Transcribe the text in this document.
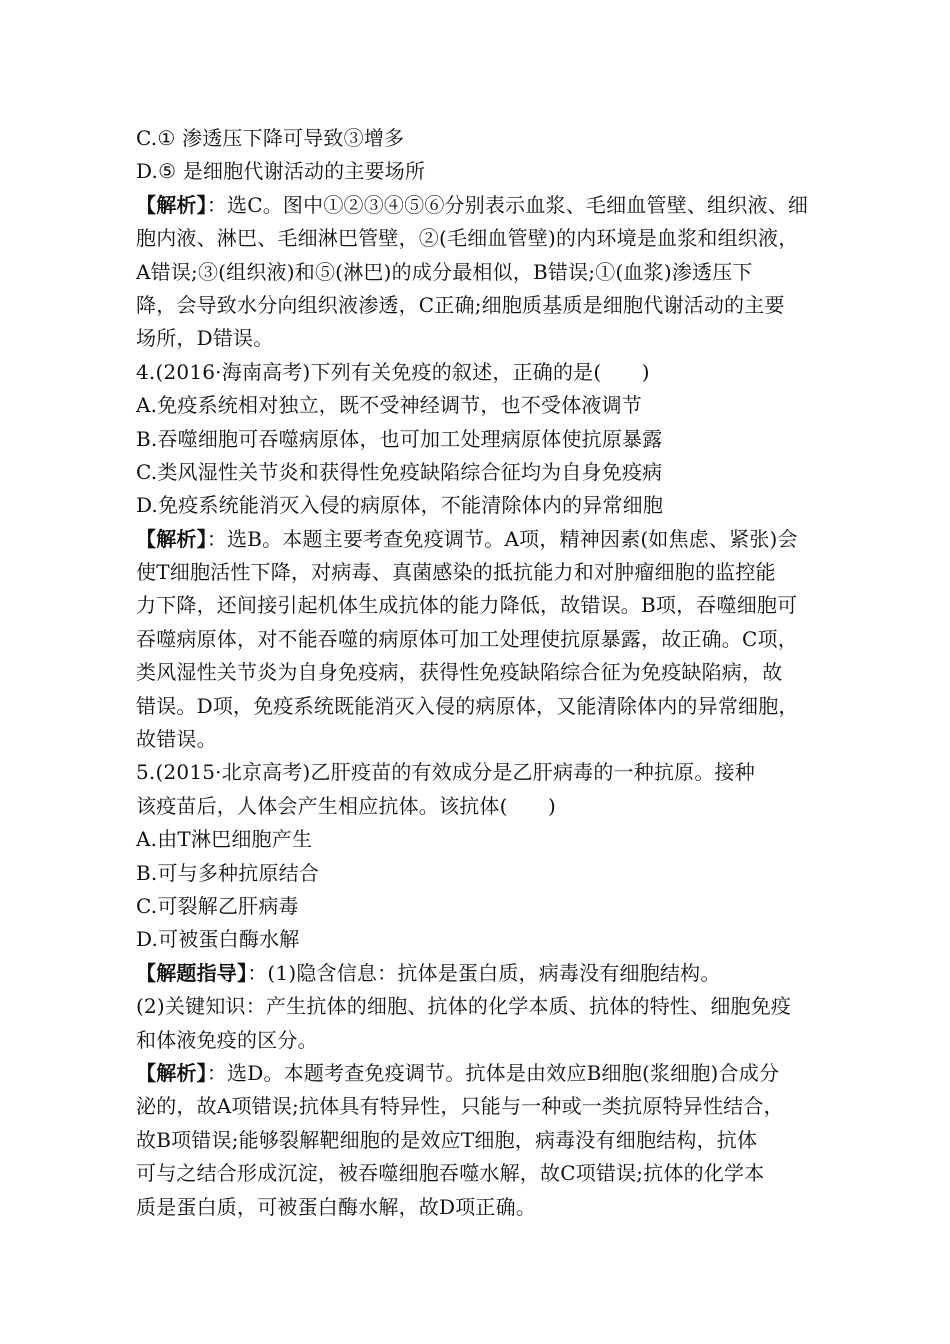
C.① 渗透压下降可导致③增多
D.⑤ 是细胞代谢活动的主要场所
【解析】：选C。图中①②③④⑤⑥分别表示血浆、毛细血管壁、组织液、细
胞内液、淋巴、毛细淋巴管壁，②(毛细血管壁)的内环境是血浆和组织液，
A错误;③(组织液)和⑤(淋巴)的成分最相似，B错误;①(血浆)渗透压下
降，会导致水分向组织液渗透，C正确;细胞质基质是细胞代谢活动的主要
场所，D错误。
4.(2016·海南高考)下列有关免疫的叙述，正确的是(　　)
A.免疫系统相对独立，既不受神经调节，也不受体液调节
B.吞噬细胞可吞噬病原体，也可加工处理病原体使抗原暴露
C.类风湿性关节炎和获得性免疫缺陷综合征均为自身免疫病
D.免疫系统能消灭入侵的病原体，不能清除体内的异常细胞
【解析】：选B。本题主要考查免疫调节。A项，精神因素(如焦虑、紧张)会
使T细胞活性下降，对病毒、真菌感染的抵抗能力和对肿瘤细胞的监控能
力下降，还间接引起机体生成抗体的能力降低，故错误。B项，吞噬细胞可
吞噬病原体，对不能吞噬的病原体可加工处理使抗原暴露，故正确。C项，
类风湿性关节炎为自身免疫病，获得性免疫缺陷综合征为免疫缺陷病，故
错误。D项，免疫系统既能消灭入侵的病原体，又能清除体内的异常细胞，
故错误。
5.(2015·北京高考)乙肝疫苗的有效成分是乙肝病毒的一种抗原。接种
该疫苗后，人体会产生相应抗体。该抗体(　　)
A.由T淋巴细胞产生
B.可与多种抗原结合
C.可裂解乙肝病毒
D.可被蛋白酶水解
【解题指导】：(1)隐含信息：抗体是蛋白质，病毒没有细胞结构。
(2)关键知识：产生抗体的细胞、抗体的化学本质、抗体的特性、细胞免疫
和体液免疫的区分。
【解析】：选D。本题考查免疫调节。抗体是由效应B细胞(浆细胞)合成分
泌的，故A项错误;抗体具有特异性，只能与一种或一类抗原特异性结合，
故B项错误;能够裂解靶细胞的是效应T细胞，病毒没有细胞结构，抗体
可与之结合形成沉淀，被吞噬细胞吞噬水解，故C项错误;抗体的化学本
质是蛋白质，可被蛋白酶水解，故D项正确。
